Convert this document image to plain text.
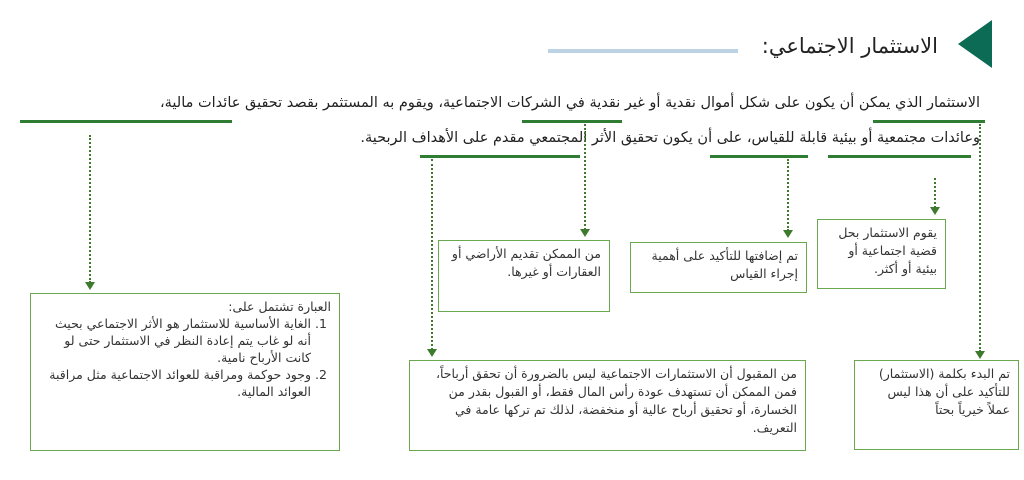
الاستثمار الاجتماعي:
الاستثمار الذي يمكن أن يكون على شكل أموال نقدية أو غير نقدية في الشركات الاجتماعية، ويقوم به المستثمر بقصد تحقيق عائدات مالية،
وعائدات مجتمعية أو بيئية قابلة للقياس، على أن يكون تحقيق الأثر المجتمعي مقدم على الأهداف الربحية.
يقوم الاستثمار بحل قضية اجتماعية أو بيئية أو أكثر.
تم إضافتها للتأكيد على أهمية إجراء القياس
من الممكن تقديم الأراضي أو العقارات أو غيرها.
تم البدء بكلمة (الاستثمار) للتأكيد على أن هذا ليس عملاً خيرياً بحتاً
من المقبول أن الاستثمارات الاجتماعية ليس بالضرورة أن تحقق أرباحاً، فمن الممكن أن تستهدف عودة رأس المال فقط، أو القبول بقدر من الخسارة، أو تحقيق أرباح عالية أو منخفضة، لذلك تم تركها عامة في التعريف.
العبارة تشتمل على:
1. الغاية الأساسية للاستثمار هو الأثر الاجتماعي بحيث أنه لو غاب يتم إعادة النظر في الاستثمار حتى لو كانت الأرباح نامية.
2. وجود حوكمة ومراقبة للعوائد الاجتماعية مثل مراقبة العوائد المالية.
